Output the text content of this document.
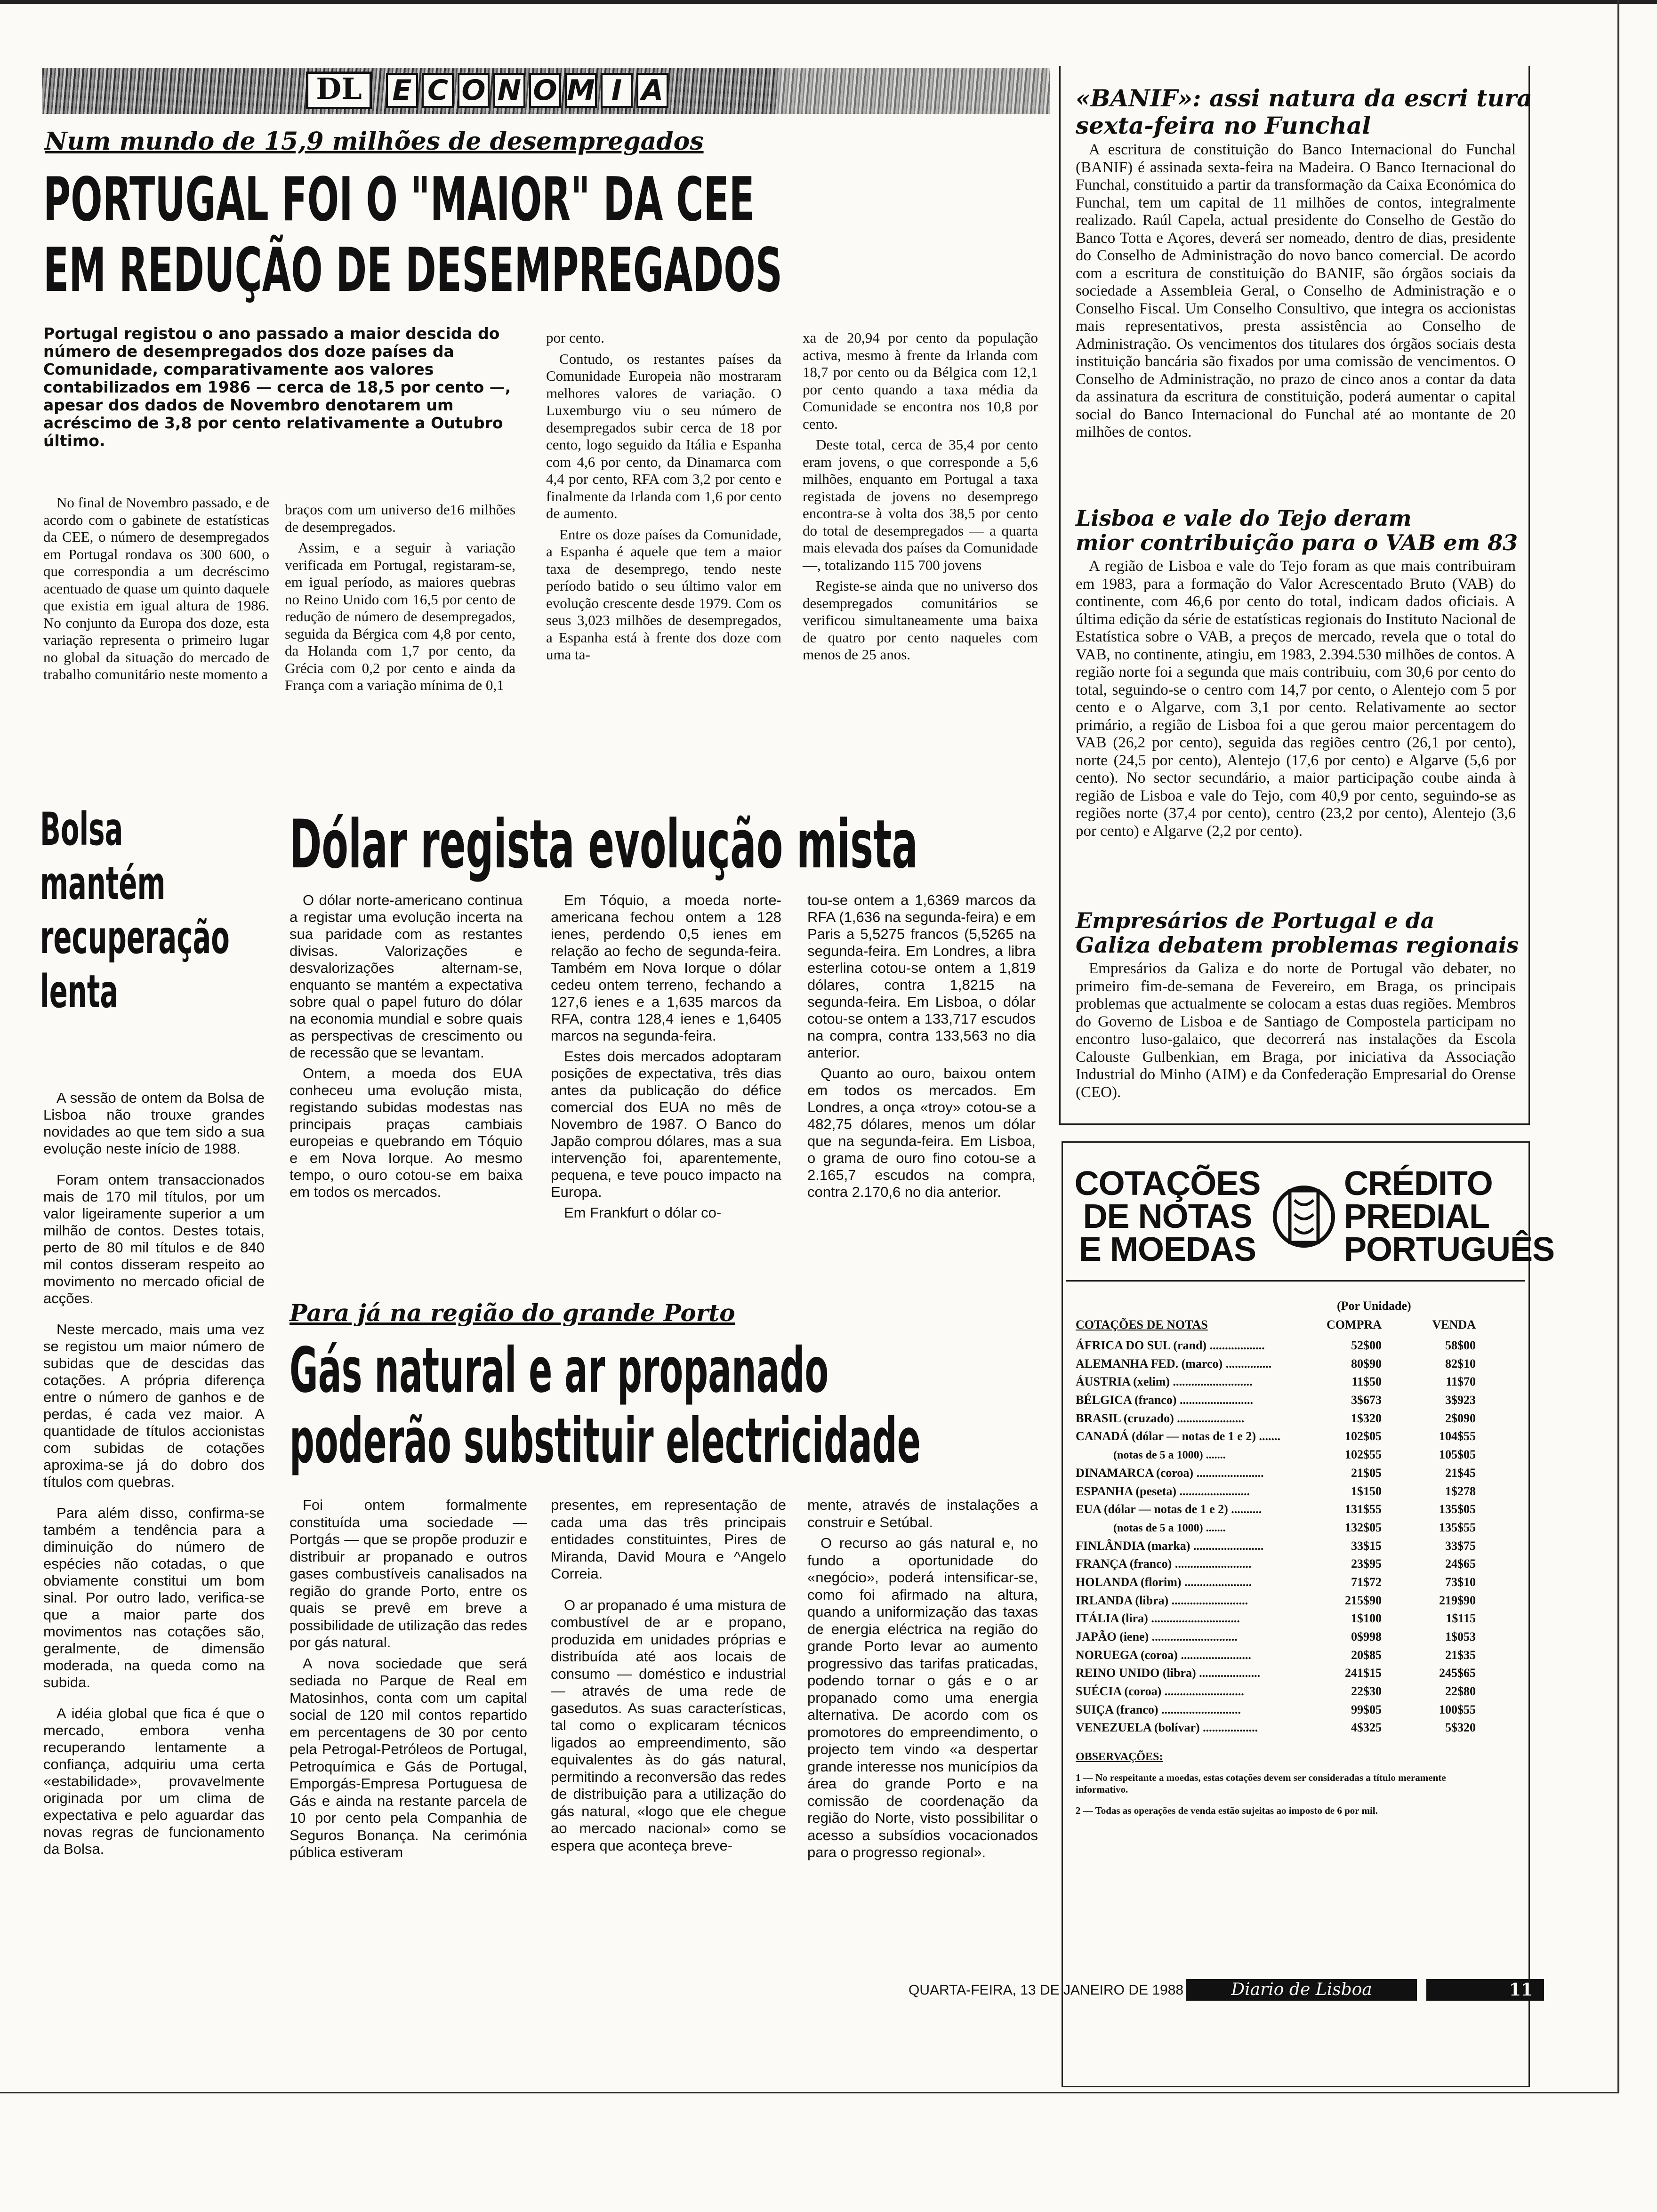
DL	E C O N O M I A
Num mundo de 15,9 milhões de desempregados
PORTUGAL FOI O "MAIOR" DA CEE
EM REDUÇÃO DE DESEMPREGADOS
Portugal registou o ano passado a maior descida do número de desempregados dos doze países da Comunidade, comparativamente aos valores contabilizados em 1986 — cerca de 18,5 por cento —, apesar dos dados de Novembro denotarem um acréscimo de 3,8 por cento relativamente a Outubro último.

No final de Novembro passado, e de acordo com o gabinete de estatísticas da CEE, o número de desempregados em Portugal rondava os 300 600, o que correspondia a um decréscimo acentuado de quase um quinto daquele que existia em igual altura de 1986. No conjunto da Europa dos doze, esta variação representa o primeiro lugar no global da situação do mercado de trabalho comunitário neste momento a

braços com um universo de16 milhões de desempregados.

Assim, e a seguir à variação verificada em Portugal, registaram-se, em igual período, as maiores quebras no Reino Unido com 16,5 por cento de redução de número de desempregados, seguida da Bérgica com 4,8 por cento, da Holanda com 1,7 por cento, da Grécia com 0,2 por cento e ainda da França com a variação mínima de 0,1

por cento.

Contudo, os restantes países da Comunidade Europeia não mostraram melhores valores de variação. O Luxemburgo viu o seu número de desempregados subir cerca de 18 por cento, logo seguido da Itália e Espanha com 4,6 por cento, da Dinamarca com 4,4 por cento, RFA com 3,2 por cento e finalmente da Irlanda com 1,6 por cento de aumento.

Entre os doze países da Comunidade, a Espanha é aquele que tem a maior taxa de desemprego, tendo neste período batido o seu último valor em evolução crescente desde 1979. Com os seus 3,023 milhões de desempregados, a Espanha está à frente dos doze com uma ta-

xa de 20,94 por cento da população activa, mesmo à frente da Irlanda com 18,7 por cento ou da Bélgica com 12,1 por cento quando a taxa média da Comunidade se encontra nos 10,8 por cento.

Deste total, cerca de 35,4 por cento eram jovens, o que corresponde a 5,6 milhões, enquanto em Portugal a taxa registada de jovens no desemprego encontra-se à volta dos 38,5 por cento do total de desempregados — a quarta mais elevada dos países da Comunidade—, totalizando 115 700 jovens

Registe-se ainda que no universo dos desempregados comunitários se verificou simultaneamente uma baixa de quatro por cento naqueles com menos de 25 anos.

Bolsa
mantém
recuperação
lenta

A sessão de ontem da Bolsa de Lisboa não trouxe grandes novidades ao que tem sido a sua evolução neste início de 1988.

Foram ontem transaccionados mais de 170 mil títulos, por um valor ligeiramente superior a um milhão de contos. Destes totais, perto de 80 mil títulos e de 840 mil contos disseram respeito ao movimento no mercado oficial de acções.

Neste mercado, mais uma vez se registou um maior número de subidas que de descidas das cotações. A própria diferença entre o número de ganhos e de perdas, é cada vez maior. A quantidade de títulos accionistas com subidas de cotações aproxima-se já do dobro dos títulos com quebras.

Para além disso, confirma-se também a tendência para a diminuição do número de espécies não cotadas, o que obviamente constitui um bom sinal. Por outro lado, verifica-se que a maior parte dos movimentos nas cotações são, geralmente, de dimensão moderada, na queda como na subida.

A idéia global que fica é que o mercado, embora venha recuperando lentamente a confiança, adquiriu uma certa «estabilidade», provavelmente originada por um clima de expectativa e pelo aguardar das novas regras de funcionamento da Bolsa.

Dólar regista evolução mista

O dólar norte-americano continua a registar uma evolução incerta na sua paridade com as restantes divisas. Valorizações e desvalorizações alternam-se, enquanto se mantém a expectativa sobre qual o papel futuro do dólar na economia mundial e sobre quais as perspectivas de crescimento ou de recessão que se levantam.

Ontem, a moeda dos EUA conheceu uma evolução mista, registando subidas modestas nas principais praças cambiais europeias e quebrando em Tóquio e em Nova Iorque. Ao mesmo tempo, o ouro cotou-se em baixa em todos os mercados.

Em Tóquio, a moeda norte-americana fechou ontem a 128 ienes, perdendo 0,5 ienes em relação ao fecho de segunda-feira. Também em Nova Iorque o dólar cedeu ontem terreno, fechando a 127,6 ienes e a 1,635 marcos da RFA, contra 128,4 ienes e 1,6405 marcos na segunda-feira.

Estes dois mercados adoptaram posições de expectativa, três dias antes da publicação do défice comercial dos EUA no mês de Novembro de 1987. O Banco do Japão comprou dólares, mas a sua intervenção foi, aparentemente, pequena, e teve pouco impacto na Europa.

Em Frankfurt o dólar co-

tou-se ontem a 1,6369 marcos da RFA (1,636 na segunda-feira) e em Paris a 5,5275 francos (5,5265 na segunda-feira. Em Londres, a libra esterlina cotou-se ontem a 1,819 dólares, contra 1,8215 na segunda-feira. Em Lisboa, o dólar cotou-se ontem a 133,717 escudos na compra, contra 133,563 no dia anterior.

Quanto ao ouro, baixou ontem em todos os mercados. Em Londres, a onça «troy» cotou-se a 482,75 dólares, menos um dólar que na segunda-feira. Em Lisboa, o grama de ouro fino cotou-se a 2.165,7 escudos na compra, contra 2.170,6 no dia anterior.

Para já na região do grande Porto
Gás natural e ar propanado
poderão substituir electricidade

Foi ontem formalmente constituída uma sociedade — Portgás — que se propõe produzir e distribuir ar propanado e outros gases combustíveis canalisados na região do grande Porto, entre os quais se prevê em breve a possibilidade de utilização das redes por gás natural.

A nova sociedade que será sediada no Parque de Real em Matosinhos, conta com um capital social de 120 mil contos repartido em percentagens de 30 por cento pela Petrogal-Petróleos de Portugal, Petroquímica e Gás de Portugal, Emporgás-Empresa Portuguesa de Gás e ainda na restante parcela de 10 por cento pela Companhia de Seguros Bonança. Na cerimónia pública estiveram

presentes, em representação de cada uma das três principais entidades constituintes, Pires de Miranda, David Moura e ^Angelo Correia.

O ar propanado é uma mistura de combustível de ar e propano, produzida em unidades próprias e distribuída até aos locais de consumo — doméstico e industrial — através de uma rede de gasedutos. As suas características, tal como o explicaram técnicos ligados ao empreendimento, são equivalentes às do gás natural, permitindo a reconversão das redes de distribuição para a utilização do gás natural, «logo que ele chegue ao mercado nacional» como se espera que aconteça breve-

mente, através de instalações a construir e Setúbal.

O recurso ao gás natural e, no fundo a oportunidade do «negócio», poderá intensificar-se, como foi afirmado na altura, quando a uniformização das taxas de energia eléctrica na região do grande Porto levar ao aumento progressivo das tarifas praticadas, podendo tornar o gás e o ar propanado como uma energia alternativa. De acordo com os promotores do empreendimento, o projecto tem vindo «a despertar grande interesse nos municípios da área do grande Porto e na comissão de coordenação da região do Norte, visto possibilitar o acesso a subsídios vocacionados para o progresso regional».

«BANIF»: assi natura da escri tura
sexta-feira no Funchal

A escritura de constituição do Banco Internacional do Funchal (BANIF) é assinada sexta-feira na Madeira. O Banco Iternacional do Funchal, constituido a partir da transformação da Caixa Económica do Funchal, tem um capital de 11 milhões de contos, integralmente realizado. Raúl Capela, actual presidente do Conselho de Gestão do Banco Totta e Açores, deverá ser nomeado, dentro de dias, presidente do Conselho de Administração do novo banco comercial. De acordo com a escritura de constituição do BANIF, são órgãos sociais da sociedade a Assembleia Geral, o Conselho de Administração e o Conselho Fiscal. Um Conselho Consultivo, que integra os accionistas mais representativos, presta assistência ao Conselho de Administração. Os vencimentos dos titulares dos órgãos sociais desta instituição bancária são fixados por uma comissão de vencimentos. O Conselho de Administração, no prazo de cinco anos a contar da data da assinatura da escritura de constituição, poderá aumentar o capital social do Banco Internacional do Funchal até ao montante de 20 milhões de contos.

Lisboa e vale do Tejo deram
mior contribuição para o VAB em 83

A região de Lisboa e vale do Tejo foram as que mais contribuiram em 1983, para a formação do Valor Acrescentado Bruto (VAB) do continente, com 46,6 por cento do total, indicam dados oficiais. A última edição da série de estatísticas regionais do Instituto Nacional de Estatística sobre o VAB, a preços de mercado, revela que o total do VAB, no continente, atingiu, em 1983, 2.394.530 milhões de contos. A região norte foi a segunda que mais contribuiu, com 30,6 por cento do total, seguindo-se o centro com 14,7 por cento, o Alentejo com 5 por cento e o Algarve, com 3,1 por cento. Relativamente ao sector primário, a região de Lisboa foi a que gerou maior percentagem do VAB (26,2 por cento), seguida das regiões centro (26,1 por cento), norte (24,5 por cento), Alentejo (17,6 por cento) e Algarve (5,6 por cento). No sector secundário, a maior participação coube ainda à região de Lisboa e vale do Tejo, com 40,9 por cento, seguindo-se as regiões norte (37,4 por cento), centro (23,2 por cento), Alentejo (3,6 por cento) e Algarve (2,2 por cento).

Empresários de Portugal e da
Galiza debatem problemas regionais

Empresários da Galiza e do norte de Portugal vão debater, no primeiro fim-de-semana de Fevereiro, em Braga, os principais problemas que actualmente se colocam a estas duas regiões. Membros do Governo de Lisboa e de Santiago de Compostela participam no encontro luso-galaico, que decorrerá nas instalações da Escola Calouste Gulbenkian, em Braga, por iniciativa da Associação Industrial do Minho (AIM) e da Confederação Empresarial do Orense (CEO).

COTAÇÕES
DE NOTAS
E MOEDAS
CRÉDITO
PREDIAL
PORTUGUÊS
(Por Unidade)
COTAÇÕES DE NOTAS	COMPRA	VENDA
ÁFRICA DO SUL (rand) ..................	52$00	58$00
ALEMANHA FED. (marco) ...............	80$90	82$10
ÁUSTRIA (xelim) ..........................	11$50	11$70
BÉLGICA (franco) ........................	3$673	3$923
BRASIL (cruzado) ......................	1$320	2$090
CANADÁ (dólar — notas de 1 e 2) .......	102$05	104$55
(notas de 5 a 1000) .......	102$55	105$05
DINAMARCA (coroa) ......................	21$05	21$45
ESPANHA (peseta) .......................	1$150	1$278
EUA (dólar — notas de 1 e 2) ..........	131$55	135$05
(notas de 5 a 1000) .......	132$05	135$55
FINLÂNDIA (marka) .......................	33$15	33$75
FRANÇA (franco) .........................	23$95	24$65
HOLANDA (florim) ......................	71$72	73$10
IRLANDA (libra) .........................	215$90	219$90
ITÁLIA (lira) .............................	1$100	1$115
JAPÃO (iene) ............................	0$998	1$053
NORUEGA (coroa) .......................	20$85	21$35
REINO UNIDO (libra) ....................	241$15	245$65
SUÉCIA (coroa) ..........................	22$30	22$80
SUIÇA (franco) ..........................	99$05	100$55
VENEZUELA (bolívar) ..................	4$325	5$320
OBSERVAÇÕES:
1 — No respeitante a moedas, estas cotações devem ser consideradas a título meramente informativo.
2 — Todas as operações de venda estão sujeitas ao imposto de 6 por mil.
QUARTA-FEIRA, 13 DE JANEIRO DE 1988	Diario de Lisboa	11
